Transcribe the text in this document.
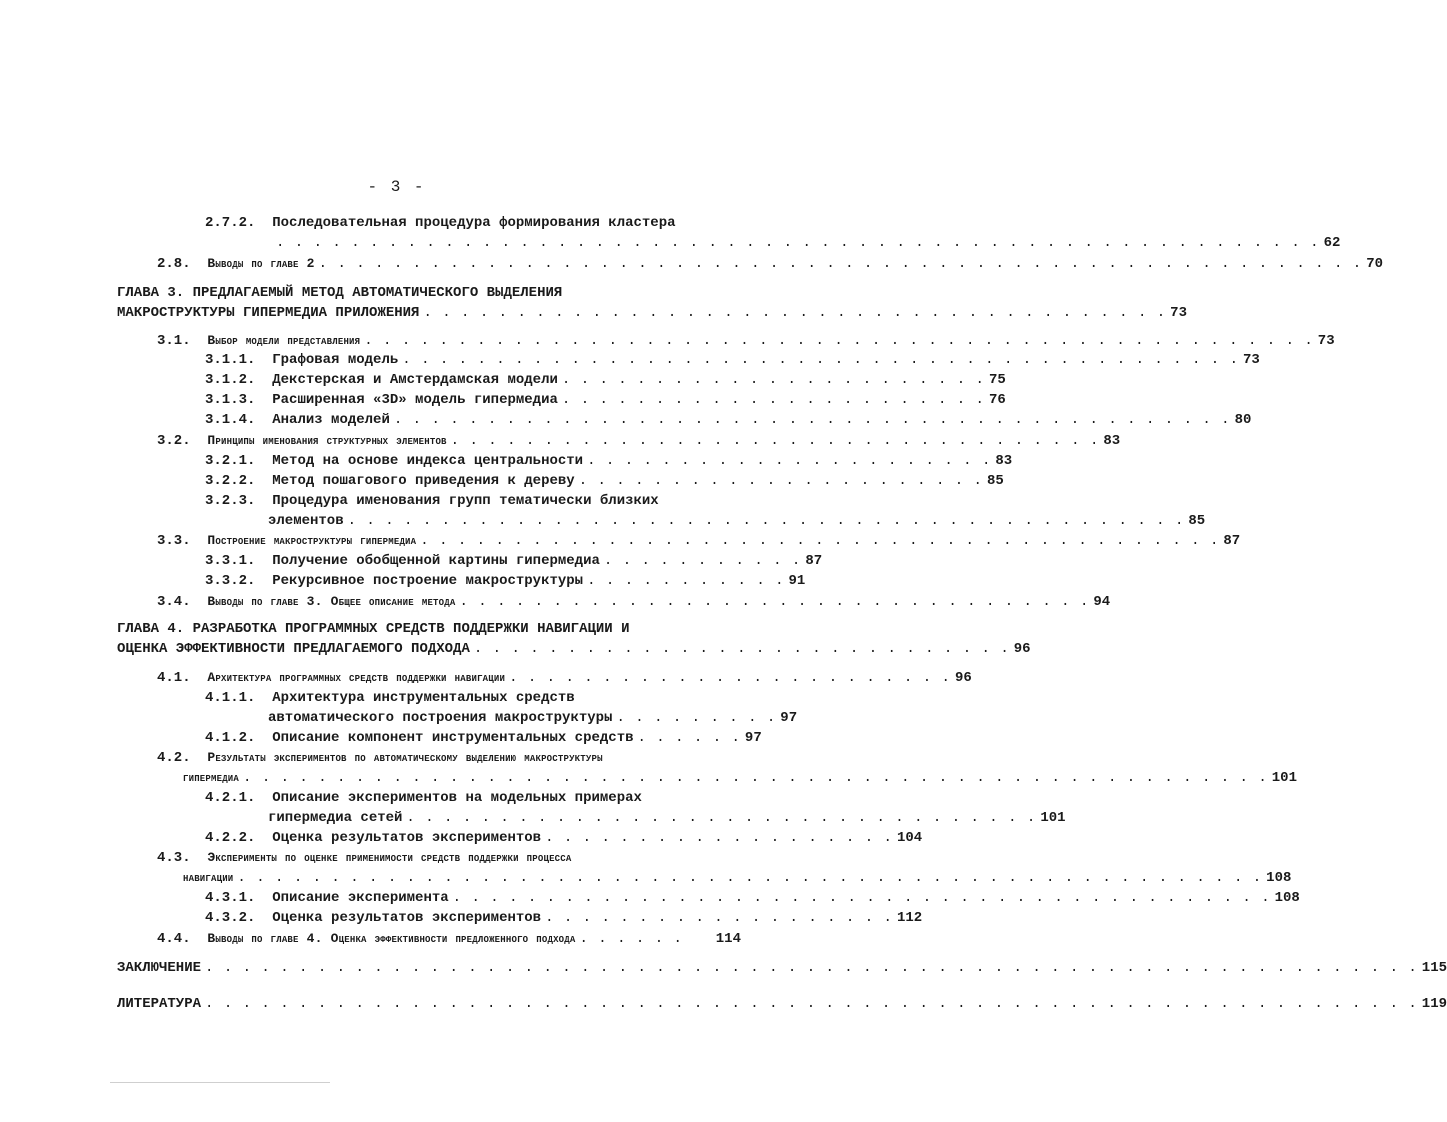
- 3 -
2.7.2. Последовательная процедура формирования кластера
. . . . . . . . . . . . . . . . . . . . . . . . . . . . . . . . . . . . . . . . . . . . . . . . . . . . . . . . 62
2.8. Выводы по главе 2 . . . . . . . . . . . . . . . . . . . . . . . . . . . . . . . . . . . . . . . . . . . . . . . . . . . . . . . . 70
ГЛАВА 3. ПРЕДЛАГАЕМЫЙ МЕТОД АВТОМАТИЧЕСКОГО ВЫДЕЛЕНИЯ
МАКРОСТРУКТУРЫ ГИПЕРМЕДИА ПРИЛОЖЕНИЯ . . . . . . . . . . . . . . . . . . . . . . . . . . . . . . . . . . . . . . . . 73
3.1. Выбор модели представления . . . . . . . . . . . . . . . . . . . . . . . . . . . . . . . . . . . . . . . . . . . . . . . . . . . 73
3.1.1. Графовая модель . . . . . . . . . . . . . . . . . . . . . . . . . . . . . . . . . . . . . . . . . . . . . 73
3.1.2. Декстерская и Амстердамская модели . . . . . . . . . . . . . . . . . . . . . . . 75
3.1.3. Расширенная «3D» модель гипермедиа . . . . . . . . . . . . . . . . . . . . . . . 76
3.1.4. Анализ моделей . . . . . . . . . . . . . . . . . . . . . . . . . . . . . . . . . . . . . . . . . . . . . 80
3.2. Принципы именования структурных элементов . . . . . . . . . . . . . . . . . . . . . . . . . . . . . . . . . . . 83
3.2.1. Метод на основе индекса центральности . . . . . . . . . . . . . . . . . . . . . . 83
3.2.2. Метод пошагового приведения к дереву . . . . . . . . . . . . . . . . . . . . . . 85
3.2.3. Процедура именования групп тематически близких
элементов . . . . . . . . . . . . . . . . . . . . . . . . . . . . . . . . . . . . . . . . . . . . . 85
3.3. Построение макроструктуры гипермедиа . . . . . . . . . . . . . . . . . . . . . . . . . . . . . . . . . . . . . . . . . . . 87
3.3.1. Получение обобщенной картины гипермедиа . . . . . . . . . . . 87
3.3.2. Рекурсивное построение макроструктуры . . . . . . . . . . . 91
3.4. Выводы по главе 3. Общее описание метода . . . . . . . . . . . . . . . . . . . . . . . . . . . . . . . . . . 94
ГЛАВА 4. РАЗРАБОТКА ПРОГРАММНЫХ СРЕДСТВ ПОДДЕРЖКИ НАВИГАЦИИ И
ОЦЕНКА ЭФФЕКТИВНОСТИ ПРЕДЛАГАЕМОГО ПОДХОДА . . . . . . . . . . . . . . . . . . . . . . . . . . . . . 96
4.1. Архитектура программных средств поддержки навигации . . . . . . . . . . . . . . . . . . . . . . . . 96
4.1.1. Архитектура инструментальных средств
автоматического построения макроструктуры . . . . . . . . . 97
4.1.2. Описание компонент инструментальных средств . . . . . . 97
4.2. Результаты экспериментов по автоматическому выделению макроструктуры
гипермедиа . . . . . . . . . . . . . . . . . . . . . . . . . . . . . . . . . . . . . . . . . . . . . . . . . . . . . . . 101
4.2.1. Описание экспериментов на модельных примерах
гипермедиа сетей . . . . . . . . . . . . . . . . . . . . . . . . . . . . . . . . . . 101
4.2.2. Оценка результатов экспериментов . . . . . . . . . . . . . . . . . . . 104
4.3. Эксперименты по оценке применимости средств поддержки процесса
навигации . . . . . . . . . . . . . . . . . . . . . . . . . . . . . . . . . . . . . . . . . . . . . . . . . . . . . . . 108
4.3.1. Описание эксперимента . . . . . . . . . . . . . . . . . . . . . . . . . . . . . . . . . . . . . . . . . . . . 108
4.3.2. Оценка результатов экспериментов . . . . . . . . . . . . . . . . . . . 112
4.4. Выводы по главе 4. Оценка эффективности предложенного подхода . . . . . .	114
ЗАКЛЮЧЕНИЕ . . . . . . . . . . . . . . . . . . . . . . . . . . . . . . . . . . . . . . . . . . . . . . . . . . . . . . . . . . . . . . . . . 115
ЛИТЕРАТУРА . . . . . . . . . . . . . . . . . . . . . . . . . . . . . . . . . . . . . . . . . . . . . . . . . . . . . . . . . . . . . . . . . 119
